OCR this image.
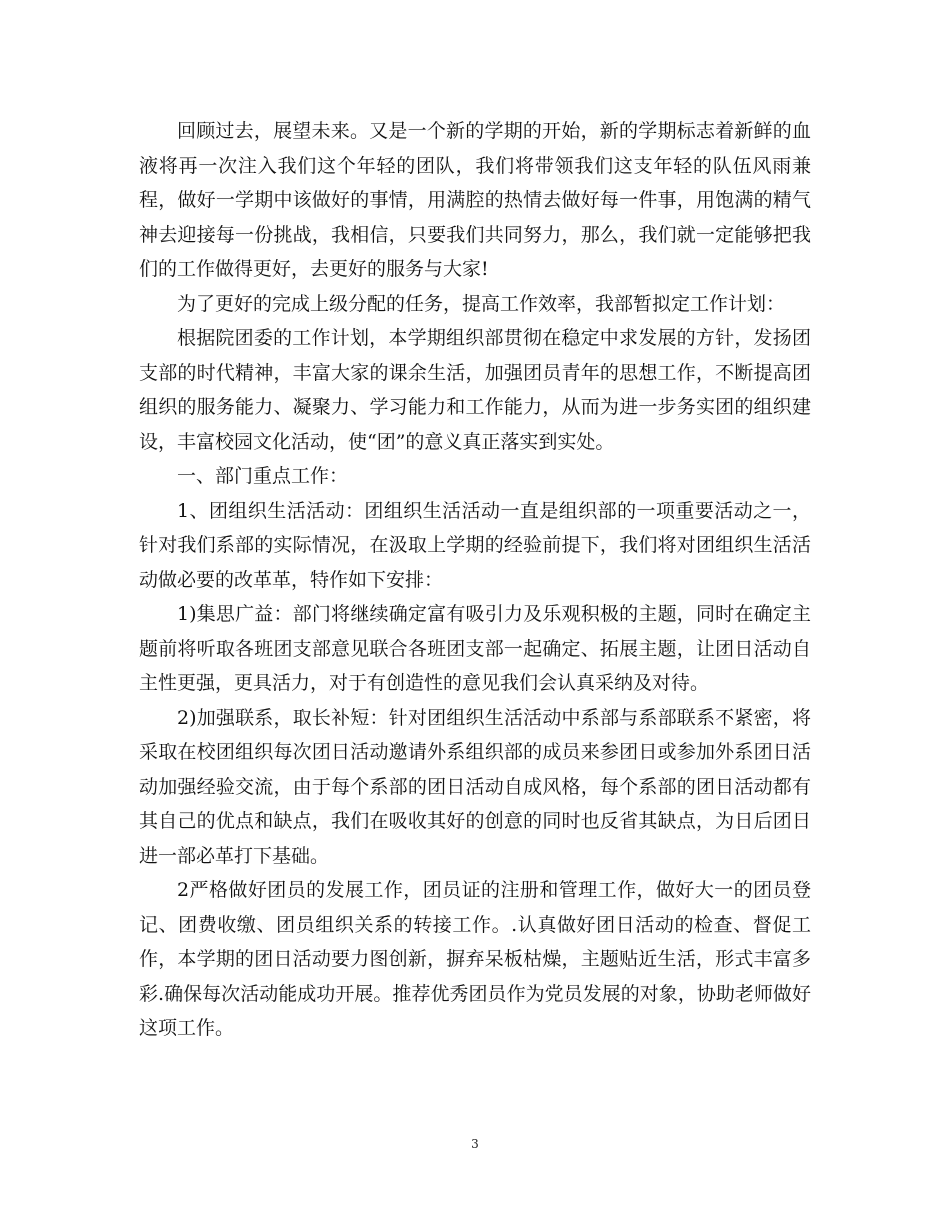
回顾过去，展望未来。又是一个新的学期的开始，新的学期标志着新鲜的血液将再一次注入我们这个年轻的团队，我们将带领我们这支年轻的队伍风雨兼程，做好一学期中该做好的事情，用满腔的热情去做好每一件事，用饱满的精气神去迎接每一份挑战，我相信，只要我们共同努力，那么，我们就一定能够把我们的工作做得更好，去更好的服务与大家!

为了更好的完成上级分配的任务，提高工作效率，我部暂拟定工作计划：

根据院团委的工作计划，本学期组织部贯彻在稳定中求发展的方针，发扬团支部的时代精神，丰富大家的课余生活，加强团员青年的思想工作，不断提高团组织的服务能力、凝聚力、学习能力和工作能力，从而为进一步务实团的组织建设，丰富校园文化活动，使“团”的意义真正落实到实处。

一、部门重点工作：

1、团组织生活活动：团组织生活活动一直是组织部的一项重要活动之一，针对我们系部的实际情况，在汲取上学期的经验前提下，我们将对团组织生活活动做必要的改革革，特作如下安排：

1)集思广益：部门将继续确定富有吸引力及乐观积极的主题，同时在确定主题前将听取各班团支部意见联合各班团支部一起确定、拓展主题，让团日活动自主性更强，更具活力，对于有创造性的意见我们会认真采纳及对待。

2)加强联系，取长补短：针对团组织生活活动中系部与系部联系不紧密，将采取在校团组织每次团日活动邀请外系组织部的成员来参团日或参加外系团日活动加强经验交流，由于每个系部的团日活动自成风格，每个系部的团日活动都有其自己的优点和缺点，我们在吸收其好的创意的同时也反省其缺点，为日后团日进一部必革打下基础。

2严格做好团员的发展工作，团员证的注册和管理工作，做好大一的团员登记、团费收缴、团员组织关系的转接工作。.认真做好团日活动的检查、督促工作，本学期的团日活动要力图创新，摒弃呆板枯燥，主题贴近生活，形式丰富多彩.确保每次活动能成功开展。推荐优秀团员作为党员发展的对象，协助老师做好这项工作。

3
